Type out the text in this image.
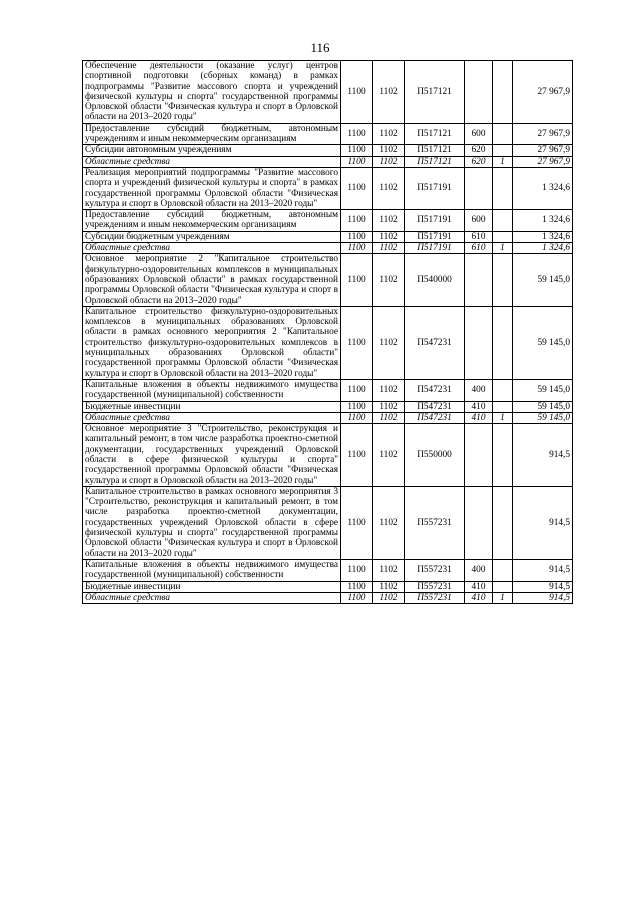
116
Обеспечение деятельности (оказание услуг) центров спортивной подготовки (сборных команд) в рамках подпрограммы "Развитие массового спорта и учреждений физической культуры и спорта" государственной программы Орловской области "Физическая культура и спорт в Орловской области на 2013–2020 годы"	1100	1102	П517121			27 967,9
Предоставление субсидий бюджетным, автономным учреждениям и иным некоммерческим организациям	1100	1102	П517121	600		27 967,9
Субсидии автономным учреждениям	1100	1102	П517121	620		27 967,9
Областные средства	1100	1102	П517121	620	1	27 967,9
Реализация мероприятий подпрограммы "Развитие массового спорта и учреждений физической культуры и спорта" в рамках государственной программы Орловской области "Физическая культура и спорт в Орловской области на 2013–2020 годы"	1100	1102	П517191			1 324,6
Предоставление субсидий бюджетным, автономным учреждениям и иным некоммерческим организациям	1100	1102	П517191	600		1 324,6
Субсидии бюджетным учреждениям	1100	1102	П517191	610		1 324,6
Областные средства	1100	1102	П517191	610	1	1 324,6
Основное мероприятие 2 "Капитальное строительство физкультурно-оздоровительных комплексов в муниципальных образованиях Орловской области" в рамках государственной программы Орловской области "Физическая культура и спорт в Орловской области на 2013–2020 годы"	1100	1102	П540000			59 145,0
Капитальное строительство физкультурно-оздоровительных комплексов в муниципальных образованиях Орловской области в рамках основного мероприятия 2 "Капитальное строительство физкультурно-оздоровительных комплексов в муниципальных образованиях Орловской области" государственной программы Орловской области "Физическая культура и спорт в Орловской области на 2013–2020 годы"	1100	1102	П547231			59 145,0
Капитальные вложения в объекты недвижимого имущества государственной (муниципальной) собственности	1100	1102	П547231	400		59 145,0
Бюджетные инвестиции	1100	1102	П547231	410		59 145,0
Областные средства	1100	1102	П547231	410	1	59 145,0
Основное мероприятие 3 "Строительство, реконструкция и капитальный ремонт, в том числе разработка проектно-сметной документации, государственных учреждений Орловской области в сфере физической культуры и спорта" государственной программы Орловской области "Физическая культура и спорт в Орловской области на 2013–2020 годы"	1100	1102	П550000			914,5
Капитальное строительство в рамках основного мероприятия 3 "Строительство, реконструкция и капитальный ремонт, в том числе разработка проектно-сметной документации, государственных учреждений Орловской области в сфере физической культуры и спорта" государственной программы Орловской области "Физическая культура и спорт в Орловской области на 2013–2020 годы"	1100	1102	П557231			914,5
Капитальные вложения в объекты недвижимого имущества государственной (муниципальной) собственности	1100	1102	П557231	400		914,5
Бюджетные инвестиции	1100	1102	П557231	410		914,5
Областные средства	1100	1102	П557231	410	1	914,5
